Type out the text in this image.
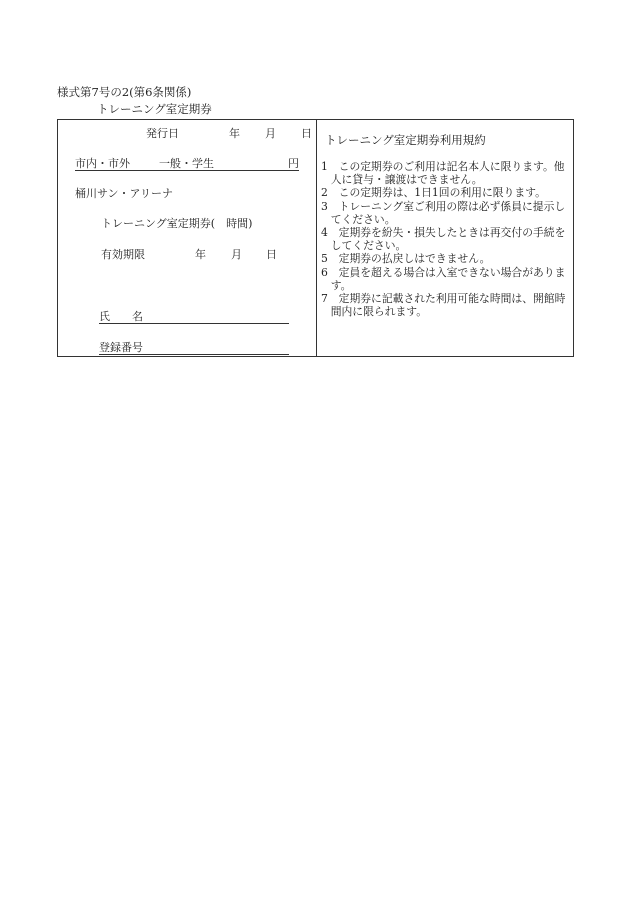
様式第7号の2(第6条関係)
トレーニング室定期券
発行日	年 月 日
市内・市外	一般・学生	円
桶川サン・アリーナ
トレーニング室定期券(　時間)
有効期限	年 月 日
氏　　名
登録番号
トレーニング室定期券利用規約
1　この定期券のご利用は記名本人に限ります。他人に貸与・譲渡はできません。
2　この定期券は、1日1回の利用に限ります。
3　トレーニング室ご利用の際は必ず係員に提示してください。
4　定期券を紛失・損失したときは再交付の手続をしてください。
5　定期券の払戻しはできません。
6　定員を超える場合は入室できない場合があります。
7　定期券に記載された利用可能な時間は、開館時間内に限られます。
